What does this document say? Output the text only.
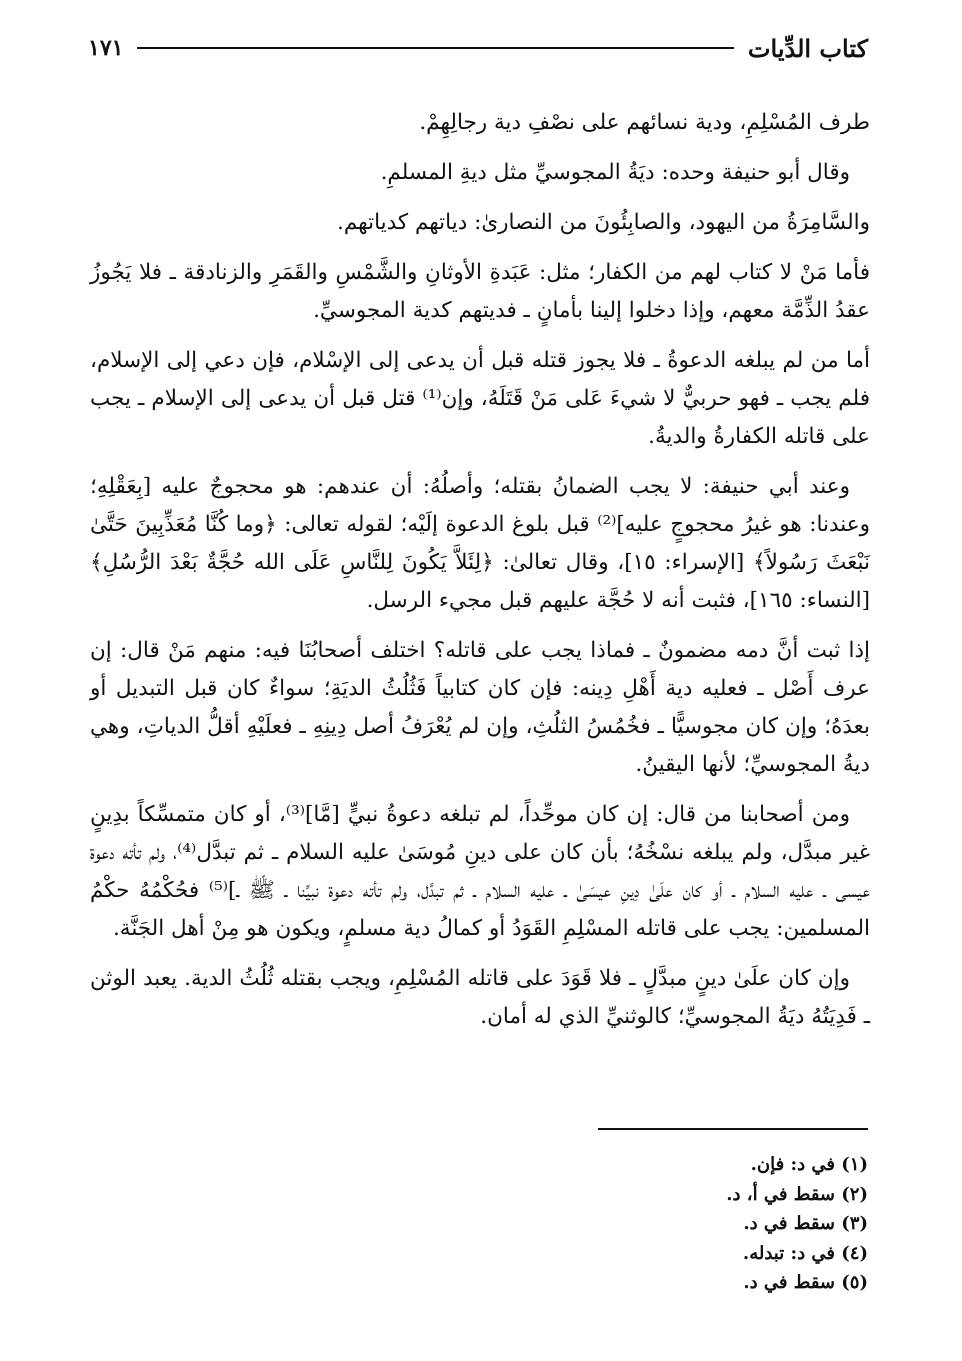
كتاب الدِّيات
١٧١

طرف المُسْلِمِ، ودية نسائهم على نصْفِ دية رجالِهِمْ.

وقال أبو حنيفة وحده: ديَةُ المجوسيِّ مثل ديةِ المسلمِ.

والسَّامِرَةُ من اليهود، والصابِئُونَ من النصارىٰ: دياتهم كدياتهم.

فأما مَنْ لا كتاب لهم من الكفار؛ مثل: عَبَدةِ الأوثانِ والشَّمْسِ والقَمَرِ والزنادقة ـ فلا يَجُوزُ عقدُ الذِّمَّة معهم، وإذا دخلوا إلينا بأمانٍ ـ فديتهم كدية المجوسيِّ.

أما من لم يبلغه الدعوةُ ـ فلا يجوز قتله قبل أن يدعى إلى الإسْلام، فإن دعي إلى الإسلام، فلم يجب ـ فهو حربيٌّ لا شيءَ عَلى مَنْ قَتَلَهُ، وإن⁽¹⁾ قتل قبل أن يدعى إلى الإسلام ـ يجب على قاتله الكفارةُ والديةُ.

وعند أبي حنيفة: لا يجب الضمانُ بقتله؛ وأصلُهُ: أن عندهم: هو محجوجٌ عليه [بِعَقْلِهِ؛ وعندنا: هو غيرُ محجوجٍ عليه]⁽²⁾ قبل بلوغ الدعوة إلَيْه؛ لقوله تعالى: ﴿وما كُنَّا مُعَذِّبِينَ حَتَّىٰ نَبْعَثَ رَسُولاً﴾ [الإسراء: ١٥]، وقال تعالىٰ: ﴿لِئَلاَّ يَكُونَ لِلنَّاسِ عَلَى الله حُجَّةٌ بَعْدَ الرُّسُلِ﴾ [النساء: ١٦٥]، فثبت أنه لا حُجَّة عليهم قبل مجيء الرسل.

إذا ثبت أنَّ دمه مضمونٌ ـ فماذا يجب على قاتله؟ اختلف أصحابُنَا فيه: منهم مَنْ قال: إن عرف أَصْل ـ فعليه دية أَهْلِ دِينه: فإن كان كتابياً فَثُلُثُ الديَةِ؛ سواءٌ كان قبل التبديل أو بعدَهُ؛ وإن كان مجوسيًّا ـ فخُمُسُ الثلُثِ، وإن لم يُعْرَفُ أصل دِينِهِ ـ فعلَيْهِ أقلُّ الدياتِ، وهي ديةُ المجوسيِّ؛ لأنها اليقينُ.

ومن أصحابنا من قال: إن كان موحِّداً، لم تبلغه دعوةُ نبيٍّ [مَّا]⁽³⁾، أو كان متمسِّكاً بدِينٍ غير مبدَّل، ولم يبلغه نسْخُهُ؛ بأن كان على دينِ مُوسَىٰ عليه السلام ـ ثم تبدَّل⁽⁴⁾، ولم تأته دعوة عيسى ـ عليه السلام ـ أو كان علَىٰ دِينِ عيسَىٰ ـ عليه السلام ـ ثم تبدَّل، ولم تأته دعوة نبيِّنا ـ ﷺ ـ]⁽⁵⁾ فحُكْمُهُ حكْمُ المسلمين: يجب على قاتله المسْلِمِ القَوَدُ أو كمالُ دية مسلمٍ، ويكون هو مِنْ أهل الجَنَّة.

وإن كان علَىٰ دينٍ مبدَّلٍ ـ فلا قَوَدَ على قاتله المُسْلِمِ، ويجب بقتله ثُلُثُ الدية. يعبد الوثن ـ فَدِيَتُهُ ديَةُ المجوسيِّ؛ كالوثنيِّ الذي له أمان.

(١) في د: فإن.
(٢) سقط في أ، د.
(٣) سقط في د.
(٤) في د: تبدله.
(٥) سقط في د.
